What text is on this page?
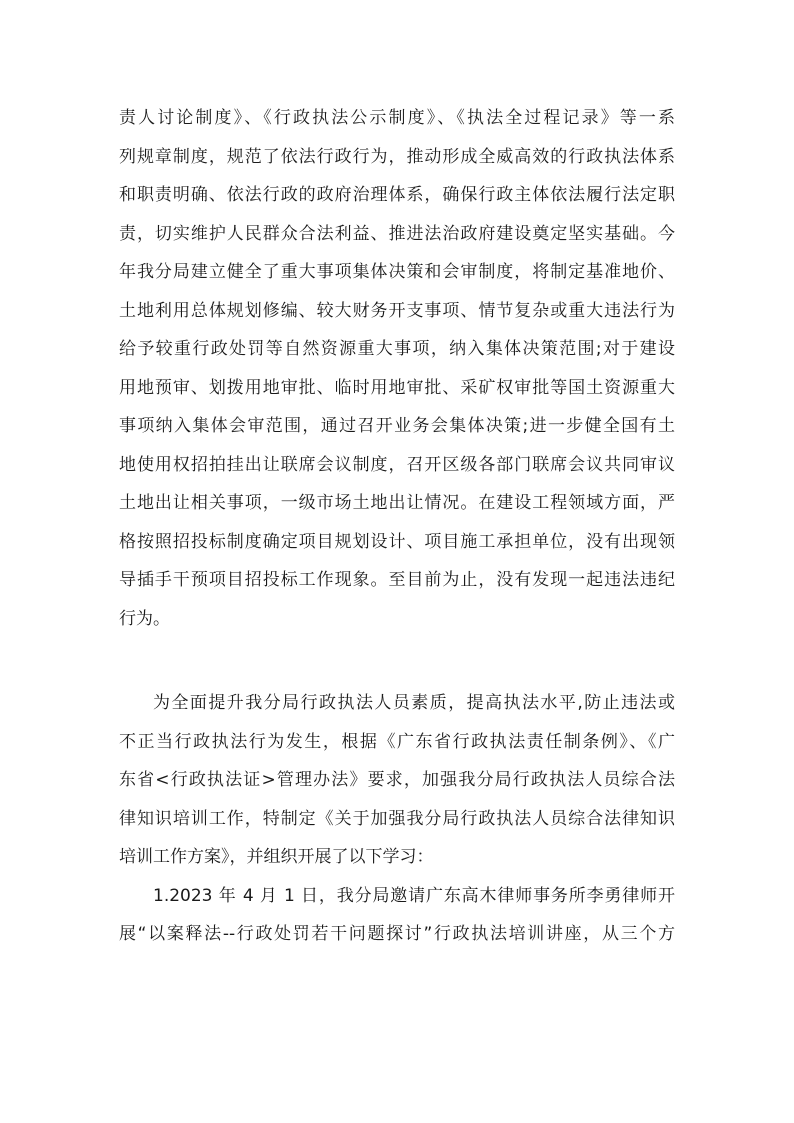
责人讨论制度》、《行政执法公示制度》、《执法全过程记录》等一系
列规章制度，规范了依法行政行为，推动形成全威高效的行政执法体系
和职责明确、依法行政的政府治理体系，确保行政主体依法履行法定职
责，切实维护人民群众合法利益、推进法治政府建设奠定坚实基础。今
年我分局建立健全了重大事项集体决策和会审制度，将制定基准地价、
土地利用总体规划修编、较大财务开支事项、情节复杂或重大违法行为
给予较重行政处罚等自然资源重大事项，纳入集体决策范围;对于建设
用地预审、划拨用地审批、临时用地审批、采矿权审批等国土资源重大
事项纳入集体会审范围，通过召开业务会集体决策;进一步健全国有土
地使用权招拍挂出让联席会议制度，召开区级各部门联席会议共同审议
土地出让相关事项，一级市场土地出让情况。在建设工程领域方面，严
格按照招投标制度确定项目规划设计、项目施工承担单位，没有出现领
导插手干预项目招投标工作现象。至目前为止，没有发现一起违法违纪
行为。
为全面提升我分局行政执法人员素质，提高执法水平,防止违法或
不正当行政执法行为发生，根据《广东省行政执法责任制条例》、《广
东省<行政执法证>管理办法》要求，加强我分局行政执法人员综合法
律知识培训工作，特制定《关于加强我分局行政执法人员综合法律知识
培训工作方案》，并组织开展了以下学习：
1.2023 年 4 月 1 日，我分局邀请广东高木律师事务所李勇律师开
展“以案释法--行政处罚若干问题探讨”行政执法培训讲座，从三个方
